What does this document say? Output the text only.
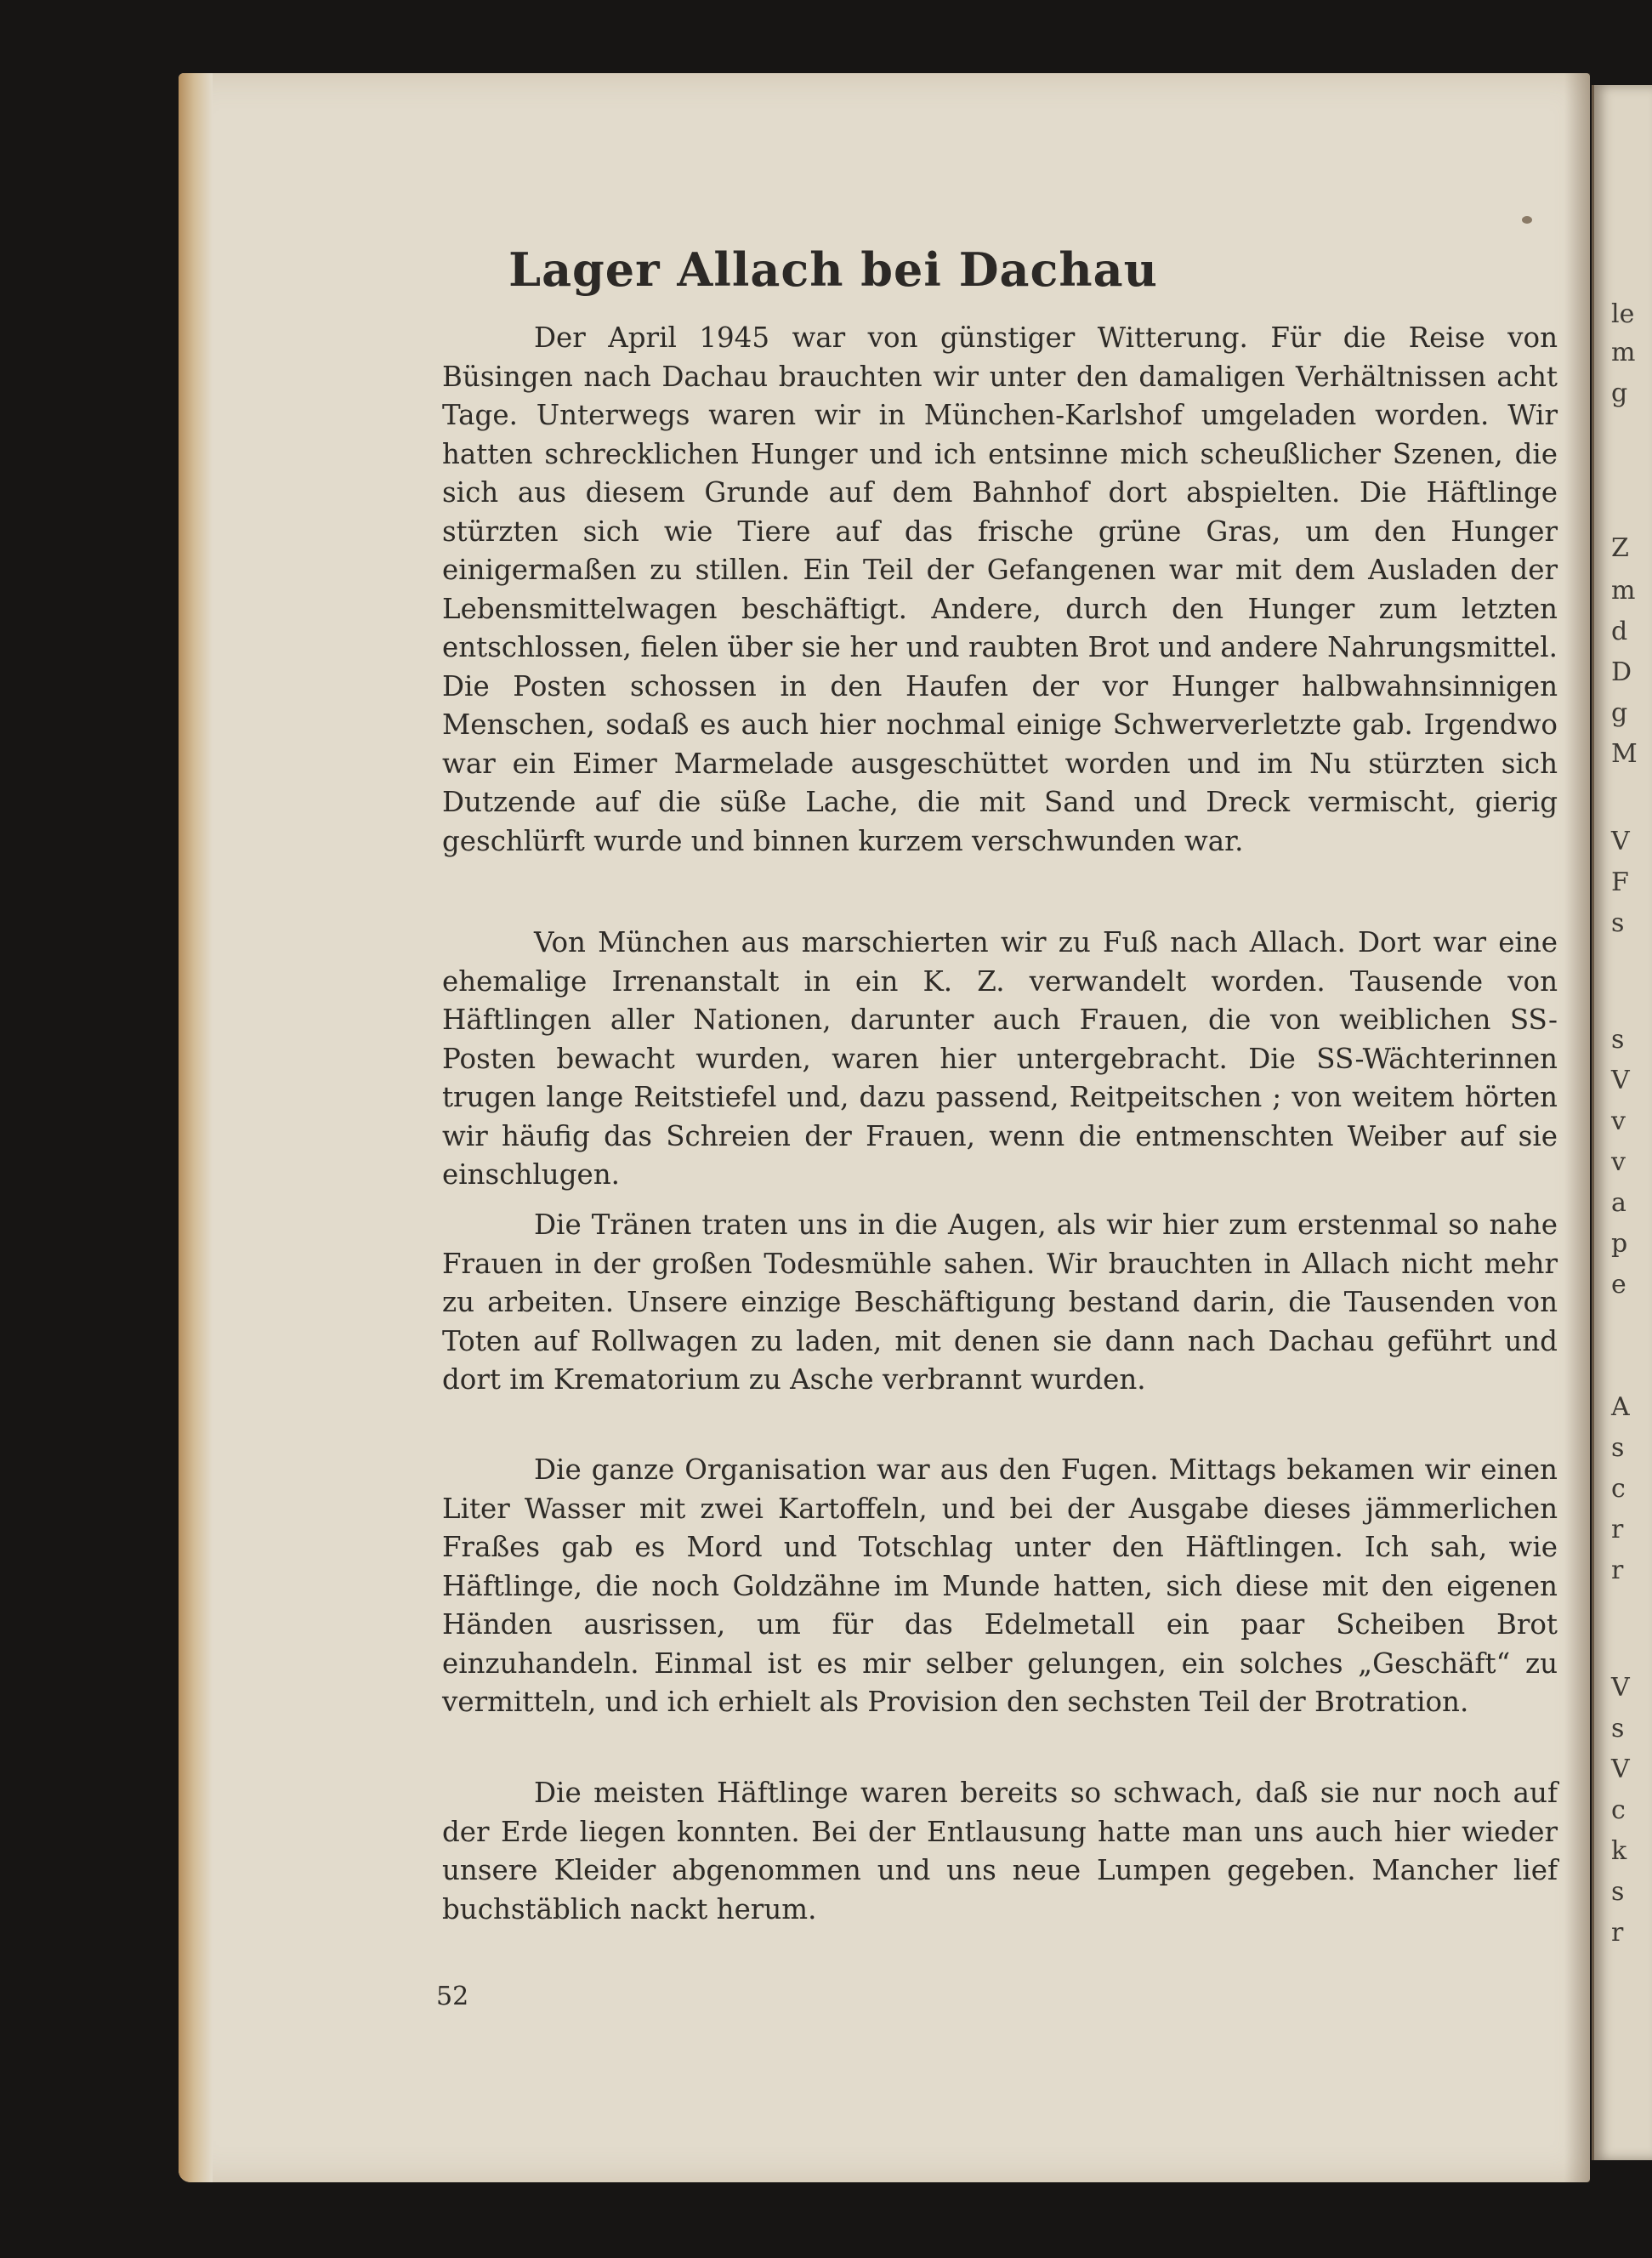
le
m
g
Z
m
d
D
g
M
V
F
s
s
V
v
v
a
p
e
A
s
c
r
r
V
s
V
c
k
s
r
Lager Allach bei Dachau

Der April 1945 war von günstiger Witterung. Für die Reise von Büsingen nach Dachau brauchten wir unter den damaligen Verhältnissen acht Tage. Unterwegs waren wir in München-Karlshof umgeladen worden. Wir hatten schrecklichen Hunger und ich entsinne mich scheußlicher Szenen, die sich aus diesem Grunde auf dem Bahnhof dort abspielten. Die Häftlinge stürzten sich wie Tiere auf das frische grüne Gras, um den Hunger einigermaßen zu stillen. Ein Teil der Gefangenen war mit dem Ausladen der Lebensmittelwagen beschäftigt. Andere, durch den Hunger zum letzten entschlossen, fielen über sie her und raubten Brot und andere Nahrungsmittel. Die Posten schossen in den Haufen der vor Hunger halbwahnsinnigen Menschen, sodaß es auch hier nochmal einige Schwerverletzte gab. Irgendwo war ein Eimer Marmelade ausgeschüttet worden und im Nu stürzten sich Dutzende auf die süße Lache, die mit Sand und Dreck vermischt, gierig geschlürft wurde und binnen kurzem verschwunden war.

Von München aus marschierten wir zu Fuß nach Allach. Dort war eine ehemalige Irrenanstalt in ein K. Z. verwandelt worden. Tausende von Häftlingen aller Nationen, darunter auch Frauen, die von weiblichen SS-Posten bewacht wurden, waren hier untergebracht. Die SS-Wächterinnen trugen lange Reitstiefel und, dazu passend, Reitpeitschen ; von weitem hörten wir häufig das Schreien der Frauen, wenn die entmenschten Weiber auf sie einschlugen.

Die Tränen traten uns in die Augen, als wir hier zum erstenmal so nahe Frauen in der großen Todesmühle sahen. Wir brauchten in Allach nicht mehr zu arbeiten. Unsere einzige Beschäftigung bestand darin, die Tausenden von Toten auf Rollwagen zu laden, mit denen sie dann nach Dachau geführt und dort im Krematorium zu Asche verbrannt wurden.

Die ganze Organisation war aus den Fugen. Mittags bekamen wir einen Liter Wasser mit zwei Kartoffeln, und bei der Ausgabe dieses jämmerlichen Fraßes gab es Mord und Totschlag unter den Häftlingen. Ich sah, wie Häftlinge, die noch Goldzähne im Munde hatten, sich diese mit den eigenen Händen ausrissen, um für das Edelmetall ein paar Scheiben Brot einzuhandeln. Einmal ist es mir selber gelungen, ein solches „Geschäft“ zu vermitteln, und ich erhielt als Provision den sechsten Teil der Brotration.

Die meisten Häftlinge waren bereits so schwach, daß sie nur noch auf der Erde liegen konnten. Bei der Entlausung hatte man uns auch hier wieder unsere Kleider abgenommen und uns neue Lumpen gegeben. Mancher lief buchstäblich nackt herum.

52
